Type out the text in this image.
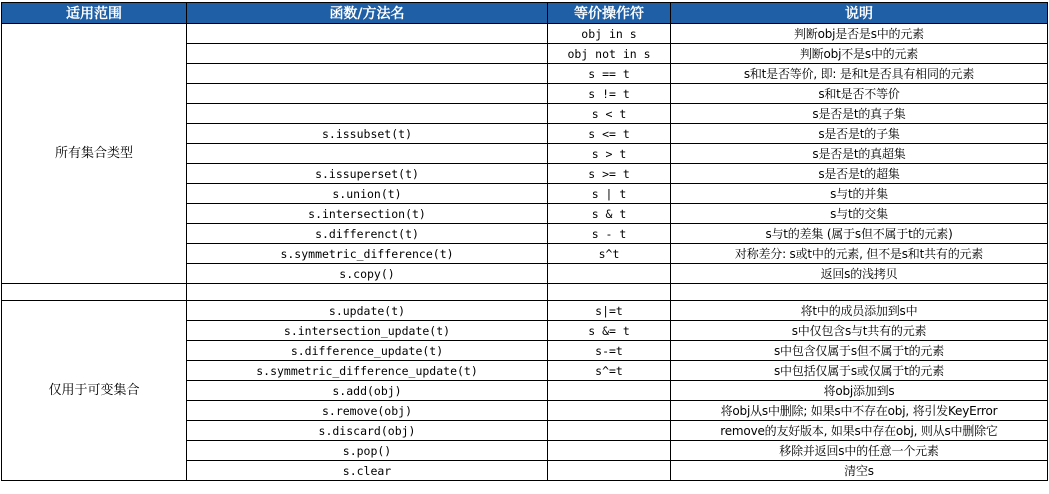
适用范围	函数/方法名	等价操作符	说明
所有集合类型		obj in s	判断obj是否是s中的元素
		obj not in s	判断obj不是s中的元素
		s == t	s和t是否等价, 即: 是和t是否具有相同的元素
		s != t	s和t是否不等价
		s < t	s是否是t的真子集
	s.issubset(t)	s <= t	s是否是t的子集
		s > t	s是否是t的真超集
	s.issuperset(t)	s >= t	s是否是t的超集
	s.union(t)	s | t	s与t的并集
	s.intersection(t)	s & t	s与t的交集
	s.differenct(t)	s - t	s与t的差集 (属于s但不属于t的元素)
	s.symmetric_difference(t)	s^t	对称差分: s或t中的元素, 但不是s和t共有的元素
	s.copy()		返回s的浅拷贝

仅用于可变集合	s.update(t)	s|=t	将t中的成员添加到s中
	s.intersection_update(t)	s &= t	s中仅包含s与t共有的元素
	s.difference_update(t)	s-=t	s中包含仅属于s但不属于t的元素
	s.symmetric_difference_update(t)	s^=t	s中包括仅属于s或仅属于t的元素
	s.add(obj)		将obj添加到s
	s.remove(obj)		将obj从s中删除; 如果s中不存在obj, 将引发KeyError
	s.discard(obj)		remove的友好版本, 如果s中存在obj, 则从s中删除它
	s.pop()		移除并返回s中的任意一个元素
	s.clear		清空s
